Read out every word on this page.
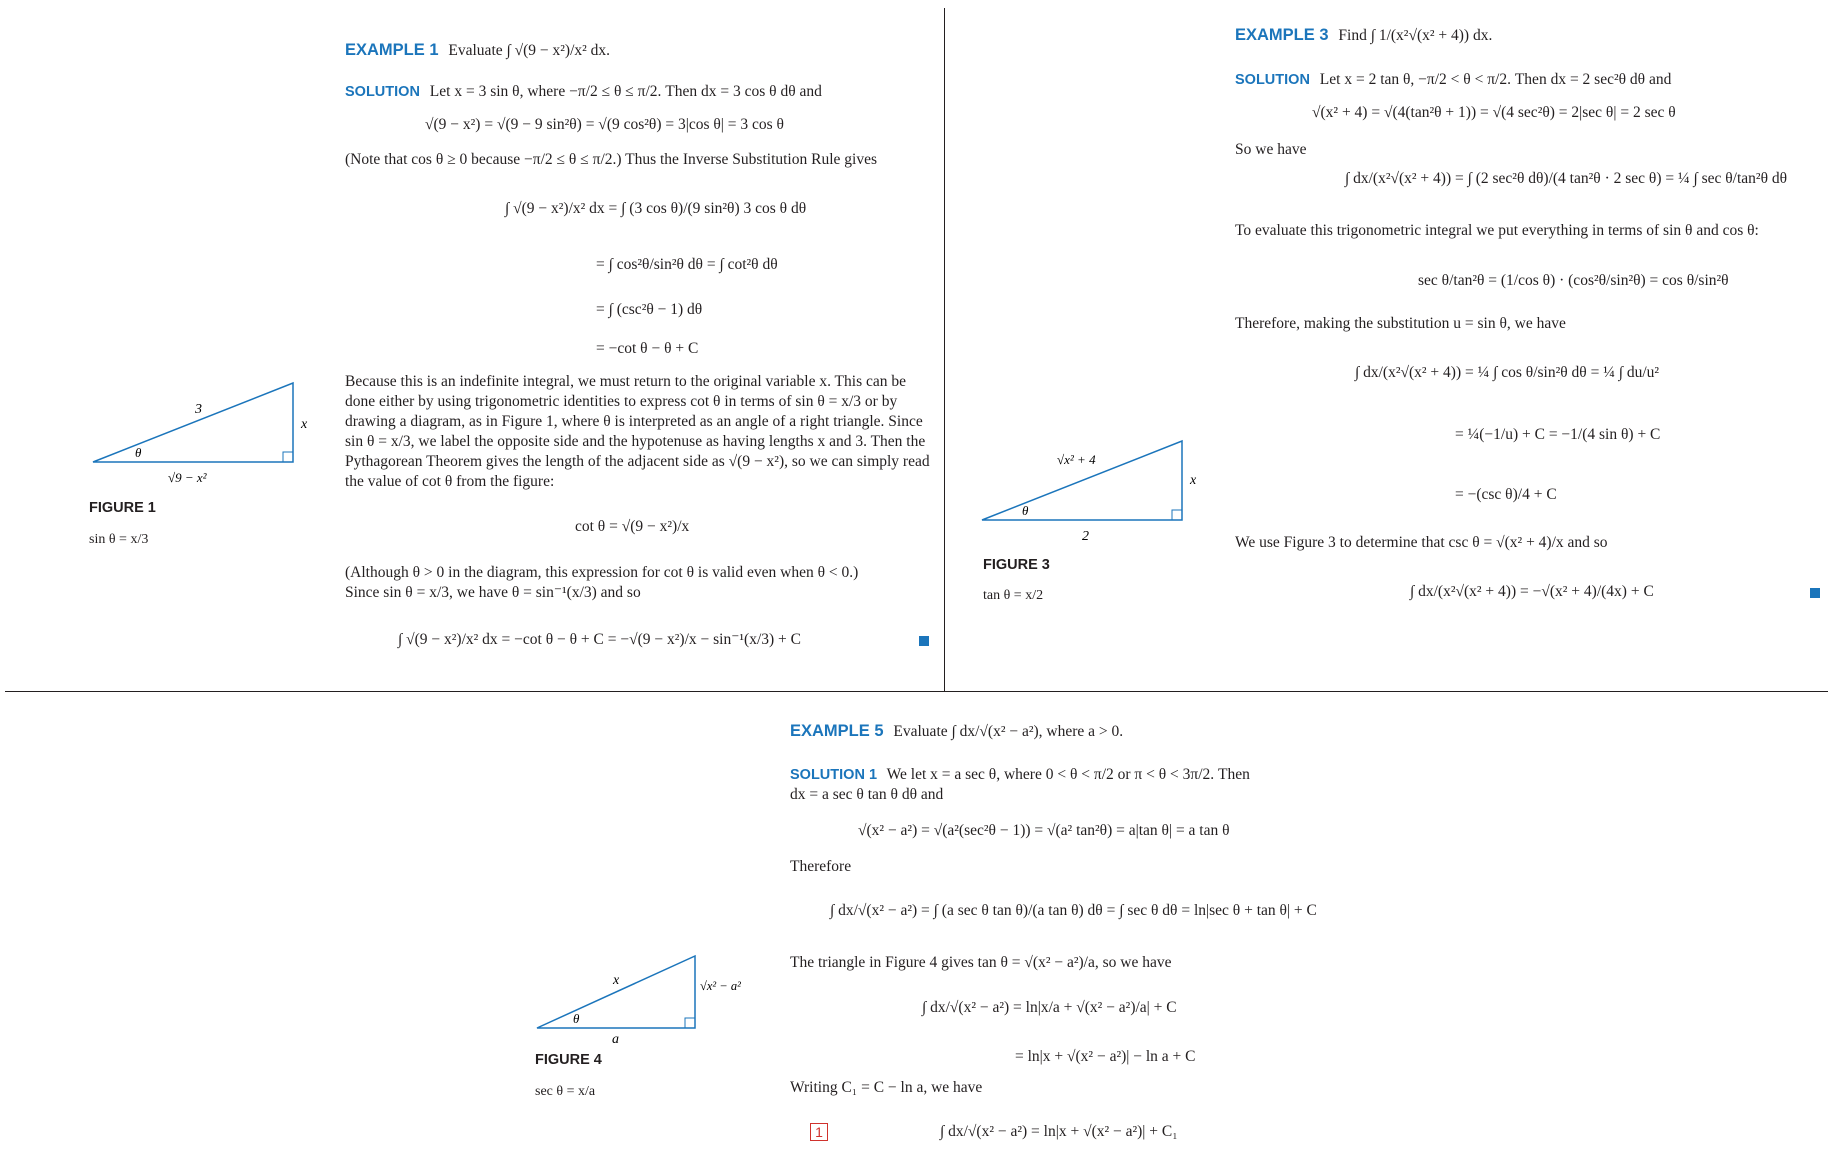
EXAMPLE 1 Evaluate ∫ √(9 − x²)/x² dx.
SOLUTION Let x = 3 sin θ, where −π/2 ≤ θ ≤ π/2. Then dx = 3 cos θ dθ and
√(9 − x²) = √(9 − 9 sin²θ) = √(9 cos²θ) = 3|cos θ| = 3 cos θ
(Note that cos θ ≥ 0 because −π/2 ≤ θ ≤ π/2.) Thus the Inverse Substitution Rule gives
∫ √(9 − x²)/x² dx = ∫ (3 cos θ)/(9 sin²θ) 3 cos θ dθ
= ∫ cos²θ/sin²θ dθ = ∫ cot²θ dθ
= ∫ (csc²θ − 1) dθ
= −cot θ − θ + C
Because this is an indefinite integral, we must return to the original variable x. This can be done either by using trigonometric identities to express cot θ in terms of sin θ = x/3 or by drawing a diagram, as in Figure 1, where θ is interpreted as an angle of a right triangle. Since sin θ = x/3, we label the opposite side and the hypotenuse as having lengths x and 3. Then the Pythagorean Theorem gives the length of the adjacent side as √(9 − x²), so we can simply read the value of cot θ from the figure:
cot θ = √(9 − x²)/x
(Although θ > 0 in the diagram, this expression for cot θ is valid even when θ < 0.)
Since sin θ = x/3, we have θ = sin⁻¹(x/3) and so
∫ √(9 − x²)/x² dx = −cot θ − θ + C = −√(9 − x²)/x − sin⁻¹(x/3) + C
3
x
√9 − x²
θ
FIGURE 1
sin θ = x/3
EXAMPLE 3 Find ∫ 1/(x²√(x² + 4)) dx.
SOLUTION Let x = 2 tan θ, −π/2 < θ < π/2. Then dx = 2 sec²θ dθ and
√(x² + 4) = √(4(tan²θ + 1)) = √(4 sec²θ) = 2|sec θ| = 2 sec θ
So we have
∫ dx/(x²√(x² + 4)) = ∫ (2 sec²θ dθ)/(4 tan²θ · 2 sec θ) = ¼ ∫ sec θ/tan²θ dθ
To evaluate this trigonometric integral we put everything in terms of sin θ and cos θ:
sec θ/tan²θ = (1/cos θ) · (cos²θ/sin²θ) = cos θ/sin²θ
Therefore, making the substitution u = sin θ, we have
∫ dx/(x²√(x² + 4)) = ¼ ∫ cos θ/sin²θ dθ = ¼ ∫ du/u²
= ¼(−1/u) + C = −1/(4 sin θ) + C
= −(csc θ)/4 + C
We use Figure 3 to determine that csc θ = √(x² + 4)/x and so
∫ dx/(x²√(x² + 4)) = −√(x² + 4)/(4x) + C
√x² + 4
x
2
θ
FIGURE 3
tan θ = x/2
EXAMPLE 5 Evaluate ∫ dx/√(x² − a²), where a > 0.
SOLUTION 1 We let x = a sec θ, where 0 < θ < π/2 or π < θ < 3π/2. Then
dx = a sec θ tan θ dθ and
√(x² − a²) = √(a²(sec²θ − 1)) = √(a² tan²θ) = a|tan θ| = a tan θ
Therefore
∫ dx/√(x² − a²) = ∫ (a sec θ tan θ)/(a tan θ) dθ = ∫ sec θ dθ = ln|sec θ + tan θ| + C
The triangle in Figure 4 gives tan θ = √(x² − a²)/a, so we have
∫ dx/√(x² − a²) = ln|x/a + √(x² − a²)/a| + C
= ln|x + √(x² − a²)| − ln a + C
Writing C₁ = C − ln a, we have
1	∫ dx/√(x² − a²) = ln|x + √(x² − a²)| + C₁
x	√x² − a²
a
θ
FIGURE 4
sec θ = x/a
